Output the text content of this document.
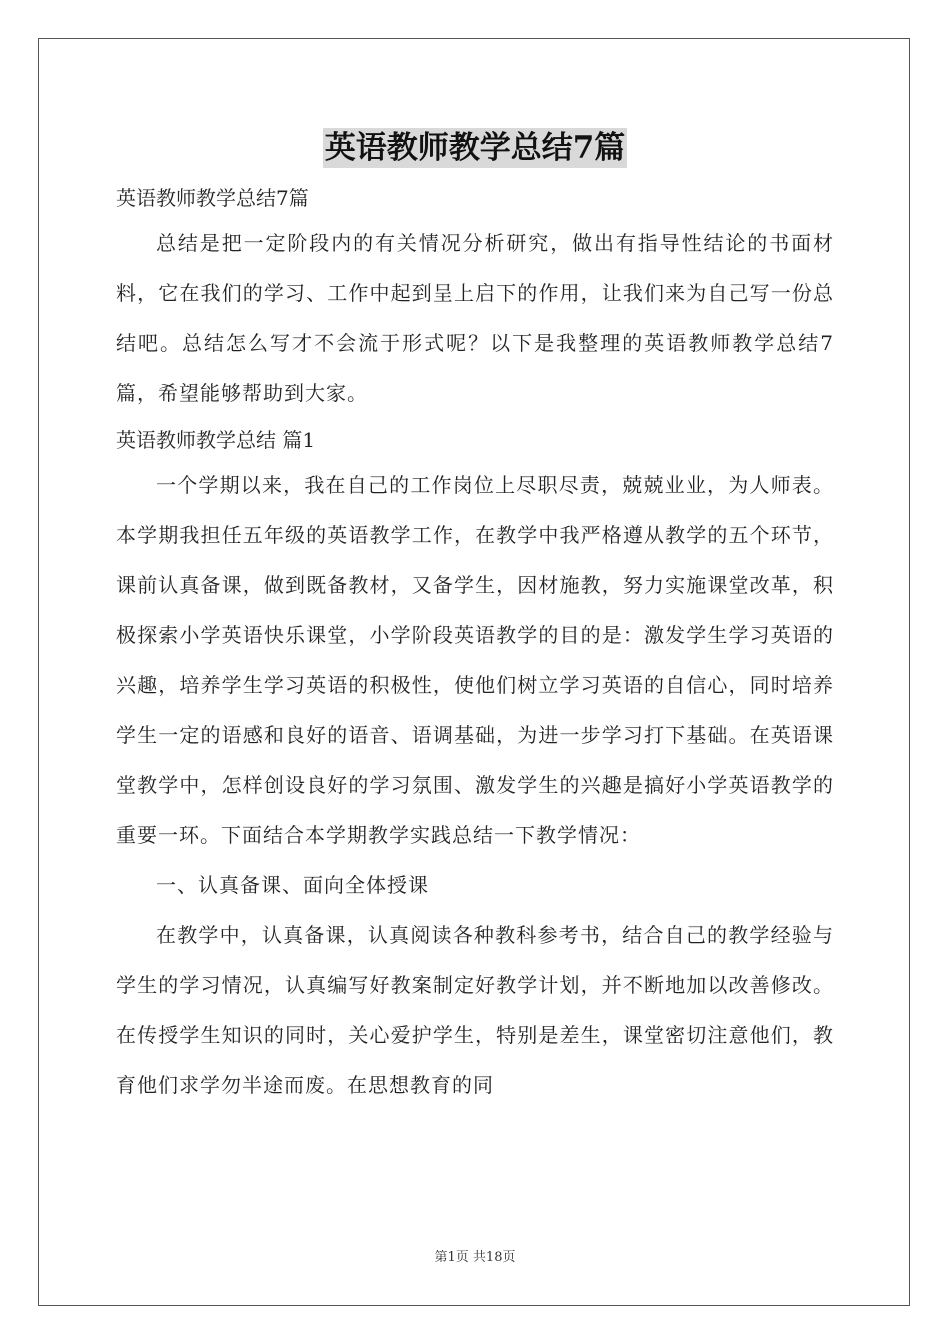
英语教师教学总结7篇

英语教师教学总结7篇

总结是把一定阶段内的有关情况分析研究，做出有指导性结论的书面材料，它在我们的学习、工作中起到呈上启下的作用，让我们来为自己写一份总结吧。总结怎么写才不会流于形式呢？以下是我整理的英语教师教学总结7篇，希望能够帮助到大家。

英语教师教学总结 篇1

一个学期以来，我在自己的工作岗位上尽职尽责，兢兢业业，为人师表。本学期我担任五年级的英语教学工作，在教学中我严格遵从教学的五个环节，课前认真备课，做到既备教材，又备学生，因材施教，努力实施课堂改革，积极探索小学英语快乐课堂，小学阶段英语教学的目的是：激发学生学习英语的兴趣，培养学生学习英语的积极性，使他们树立学习英语的自信心，同时培养学生一定的语感和良好的语音、语调基础，为进一步学习打下基础。在英语课堂教学中，怎样创设良好的学习氛围、激发学生的兴趣是搞好小学英语教学的重要一环。下面结合本学期教学实践总结一下教学情况：

一、认真备课、面向全体授课

在教学中，认真备课，认真阅读各种教科参考书，结合自己的教学经验与学生的学习情况，认真编写好教案制定好教学计划，并不断地加以改善修改。在传授学生知识的同时，关心爱护学生，特别是差生，课堂密切注意他们，教育他们求学勿半途而废。在思想教育的同

第1页 共18页
